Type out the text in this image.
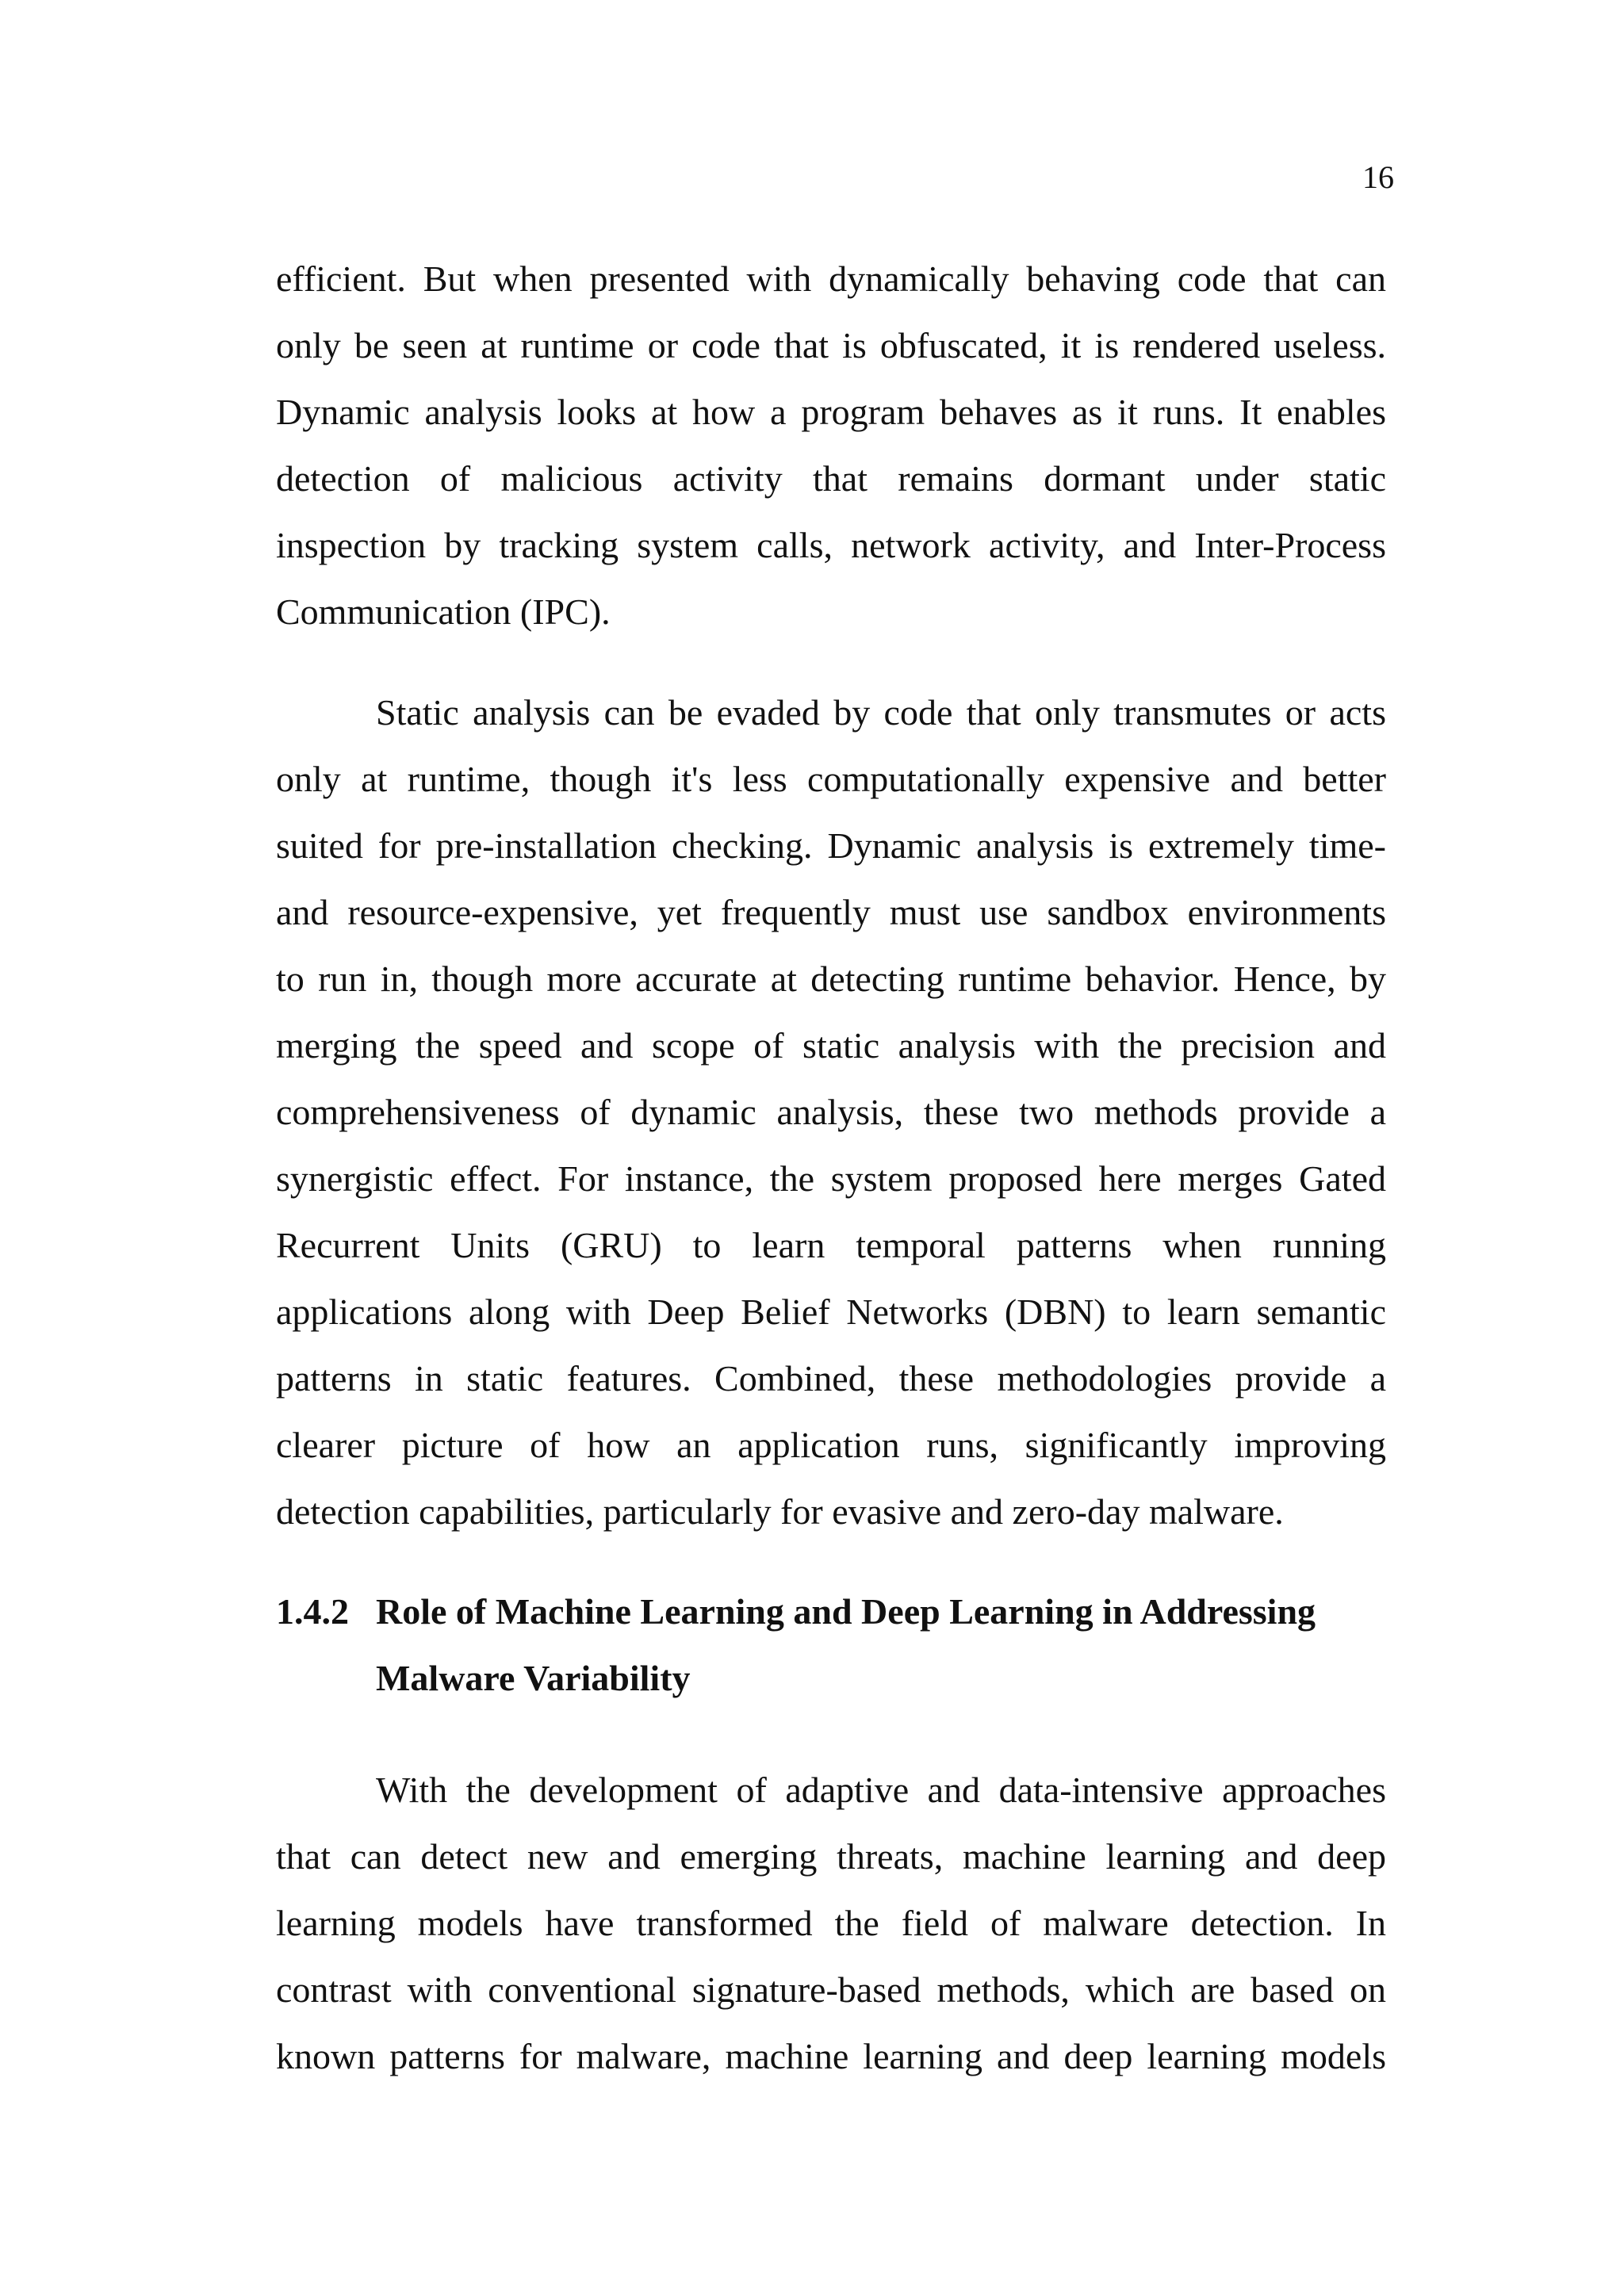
16
efficient. But when presented with dynamically behaving code that can
only be seen at runtime or code that is obfuscated, it is rendered useless.
Dynamic analysis looks at how a program behaves as it runs. It enables
detection of malicious activity that remains dormant under static
inspection by tracking system calls, network activity, and Inter-Process
Communication (IPC).
Static analysis can be evaded by code that only transmutes or acts
only at runtime, though it's less computationally expensive and better
suited for pre-installation checking. Dynamic analysis is extremely time-
and resource-expensive, yet frequently must use sandbox environments
to run in, though more accurate at detecting runtime behavior. Hence, by
merging the speed and scope of static analysis with the precision and
comprehensiveness of dynamic analysis, these two methods provide a
synergistic effect. For instance, the system proposed here merges Gated
Recurrent Units (GRU) to learn temporal patterns when running
applications along with Deep Belief Networks (DBN) to learn semantic
patterns in static features. Combined, these methodologies provide a
clearer picture of how an application runs, significantly improving
detection capabilities, particularly for evasive and zero-day malware.
1.4.2 Role of Machine Learning and Deep Learning in Addressing
Malware Variability
With the development of adaptive and data-intensive approaches
that can detect new and emerging threats, machine learning and deep
learning models have transformed the field of malware detection. In
contrast with conventional signature-based methods, which are based on
known patterns for malware, machine learning and deep learning models
